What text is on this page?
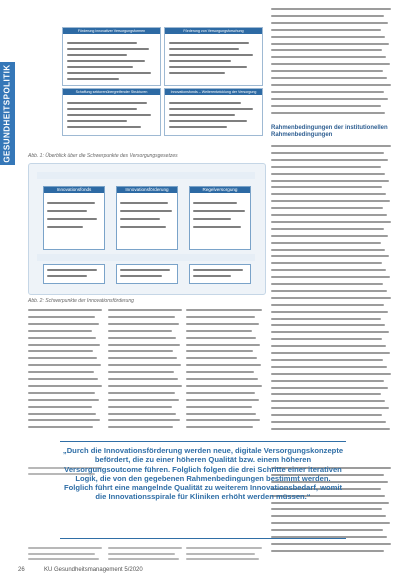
GESUNDHEITSPOLITIK
Förderung innovativer Versorgungsformen	Förderung von Versorgungsforschung
Schaffung sektorenübergreifender Strukturen	Innovationsfonds – Weiterentwicklung der Versorgung
Abb. 1: Überblick über die Schwerpunkte des Versorgungsgesetzes
Innovationsfonds	Innovationsförderung	Regelversorgung
Abb. 2: Schwerpunkte der Innovationsförderung
Rahmenbedingungen der institutionellen Rahmenbedingungen
„Durch die Innovationsförderung werden neue, digitale Versorgungskonzepte befördert, die zu einer höheren Qualität bzw. einem höheren Versorgungsoutcome führen. Folglich folgen die drei Schritte einer iterativen Logik, die von den gegebenen Rahmenbedingungen bestimmt werden. Folglich führt eine mangelnde Qualität zu weiterem Innovationsbedarf, womit die Innovationsspirale für Kliniken erhöht werden müssen.“
26	KU Gesundheitsmanagement 5/2020
